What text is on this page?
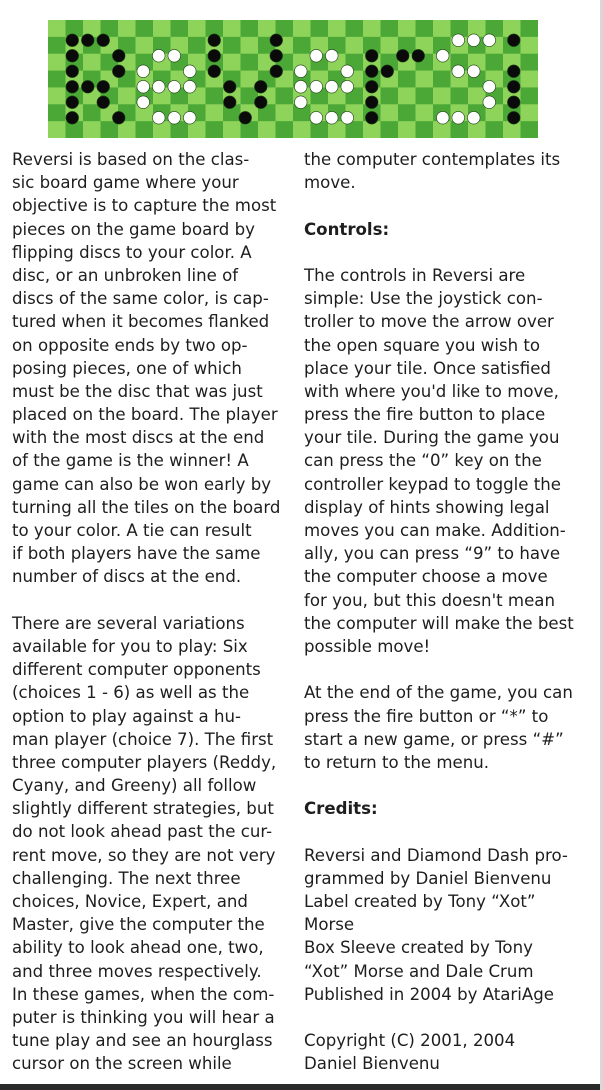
Reversi is based on the clas-
sic board game where your
objective is to capture the most
pieces on the game board by
flipping discs to your color. A
disc, or an unbroken line of
discs of the same color, is cap-
tured when it becomes flanked
on opposite ends by two op-
posing pieces, one of which
must be the disc that was just
placed on the board. The player
with the most discs at the end
of the game is the winner! A
game can also be won early by
turning all the tiles on the board
to your color. A tie can result
if both players have the same
number of discs at the end.
There are several variations
available for you to play: Six
different computer opponents
(choices 1 - 6) as well as the
option to play against a hu-
man player (choice 7). The first
three computer players (Reddy,
Cyany, and Greeny) all follow
slightly different strategies, but
do not look ahead past the cur-
rent move, so they are not very
challenging. The next three
choices, Novice, Expert, and
Master, give the computer the
ability to look ahead one, two,
and three moves respectively.
In these games, when the com-
puter is thinking you will hear a
tune play and see an hourglass
cursor on the screen while
the computer contemplates its
move.
Controls:
The controls in Reversi are
simple: Use the joystick con-
troller to move the arrow over
the open square you wish to
place your tile. Once satisfied
with where you'd like to move,
press the fire button to place
your tile. During the game you
can press the “0” key on the
controller keypad to toggle the
display of hints showing legal
moves you can make. Addition-
ally, you can press “9” to have
the computer choose a move
for you, but this doesn't mean
the computer will make the best
possible move!
At the end of the game, you can
press the fire button or “*” to
start a new game, or press “#”
to return to the menu.
Credits:
Reversi and Diamond Dash pro-
grammed by Daniel Bienvenu
Label created by Tony “Xot”
Morse
Box Sleeve created by Tony
“Xot” Morse and Dale Crum
Published in 2004 by AtariAge
Copyright (C) 2001, 2004
Daniel Bienvenu
